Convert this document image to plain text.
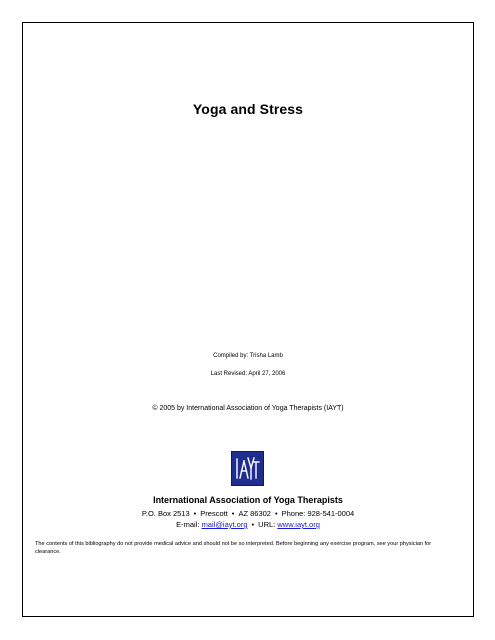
Yoga and Stress
Compiled by: Trisha Lamb
Last Revised: April 27, 2006
© 2005 by International Association of Yoga Therapists (IAYT)
IAYT
International Association of Yoga Therapists
P.O. Box 2513 • Prescott • AZ 86302 • Phone: 928-541-0004
E-mail: mail@iayt.org • URL: www.iayt.org
The contents of this bibliography do not provide medical advice and should not be so interpreted. Before beginning any exercise program, see your physician for clearance.
